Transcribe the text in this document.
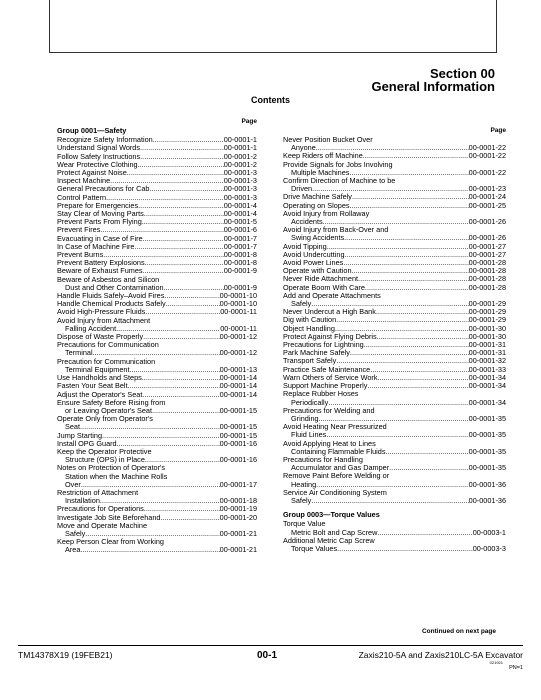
Section 00
General Information
Contents
Page
Group 0001—Safety
Recognize Safety Information .....	00-0001-1
Understand Signal Words .....	00-0001-1
Follow Safety Instructions .....	00-0001-2
Wear Protective Clothing .....	00-0001-2
Protect Against Noise .....	00-0001-3
Inspect Machine .....	00-0001-3
General Precautions for Cab .....	00-0001-3
Control Pattern .....	00-0001-3
Prepare for Emergencies .....	00-0001-4
Stay Clear of Moving Parts .....	00-0001-4
Prevent Parts From Flying .....	00-0001-5
Prevent Fires .....	00-0001-6
Evacuating in Case of Fire .....	00-0001-7
In Case of Machine Fire .....	00-0001-7
Prevent Burns .....	00-0001-8
Prevent Battery Explosions .....	00-0001-8
Beware of Exhaust Fumes .....	00-0001-9
Beware of Asbestos and Silicon
Dust and Other Contamination .....	00-0001-9
Handle Fluids Safely–Avoid Fires .....	00-0001-10
Handle Chemical Products Safely .....	00-0001-10
Avoid High-Pressure Fluids .....	00-0001-11
Avoid Injury from Attachment
Falling Accident .....	00-0001-11
Dispose of Waste Properly .....	00-0001-12
Precautions for Communication
Terminal .....	00-0001-12
Precaution for Communication
Terminal Equipment .....	00-0001-13
Use Handholds and Steps .....	00-0001-14
Fasten Your Seat Belt .....	00-0001-14
Adjust the Operator's Seat .....	00-0001-14
Ensure Safety Before Rising from
or Leaving Operator's Seat .....	00-0001-15
Operate Only from Operator's
Seat .....	00-0001-15
Jump Starting .....	00-0001-15
Install OPG Guard .....	00-0001-16
Keep the Operator Protective
Structure (OPS) in Place .....	00-0001-16
Notes on Protection of Operator's
Station when the Machine Rolls
Over .....	00-0001-17
Restriction of Attachment
Installation .....	00-0001-18
Precautions for Operations .....	00-0001-19
Investigate Job Site Beforehand .....	00-0001-20
Move and Operate Machine
Safely .....	00-0001-21
Keep Person Clear from Working
Area .....	00-0001-21
Page
Never Position Bucket Over
Anyone .....	00-0001-22
Keep Riders off Machine .....	00-0001-22
Provide Signals for Jobs Involving
Multiple Machines .....	00-0001-22
Confirm Direction of Machine to be
Driven .....	00-0001-23
Drive Machine Safely .....	00-0001-24
Operating on Slopes .....	00-0001-25
Avoid Injury from Rollaway
Accidents .....	00-0001-26
Avoid Injury from Back-Over and
Swing Accidents .....	00-0001-26
Avoid Tipping .....	00-0001-27
Avoid Undercutting .....	00-0001-27
Avoid Power Lines .....	00-0001-28
Operate with Caution .....	00-0001-28
Never Ride Attachment .....	00-0001-28
Operate Boom With Care .....	00-0001-28
Add and Operate Attachments
Safely .....	00-0001-29
Never Undercut a High Bank .....	00-0001-29
Dig with Caution .....	00-0001-29
Object Handling .....	00-0001-30
Protect Against Flying Debris .....	00-0001-30
Precautions for Lightning .....	00-0001-31
Park Machine Safely .....	00-0001-31
Transport Safely .....	00-0001-32
Practice Safe Maintenance .....	00-0001-33
Warn Others of Service Work .....	00-0001-34
Support Machine Properly .....	00-0001-34
Replace Rubber Hoses
Periodically .....	00-0001-34
Precautions for Welding and
Grinding .....	00-0001-35
Avoid Heating Near Pressurized
Fluid Lines .....	00-0001-35
Avoid Applying Heat to Lines
Containing Flammable Fluids .....	00-0001-35
Precautions for Handling
Accumulator and Gas Damper .....	00-0001-35
Remove Paint Before Welding or
Heating .....	00-0001-36
Service Air Conditioning System
Safely .....	00-0001-36
Group 0003—Torque Values
Torque Value
Metric Bolt and Cap Screw .....	00-0003-1
Additional Metric Cap Screw
Torque Values .....	00-0003-3
Continued on next page
TM14378X19 (19FEB21)	00-1	Zaxis210-5A and Zaxis210LC-5A Excavator
021921
PN=1
